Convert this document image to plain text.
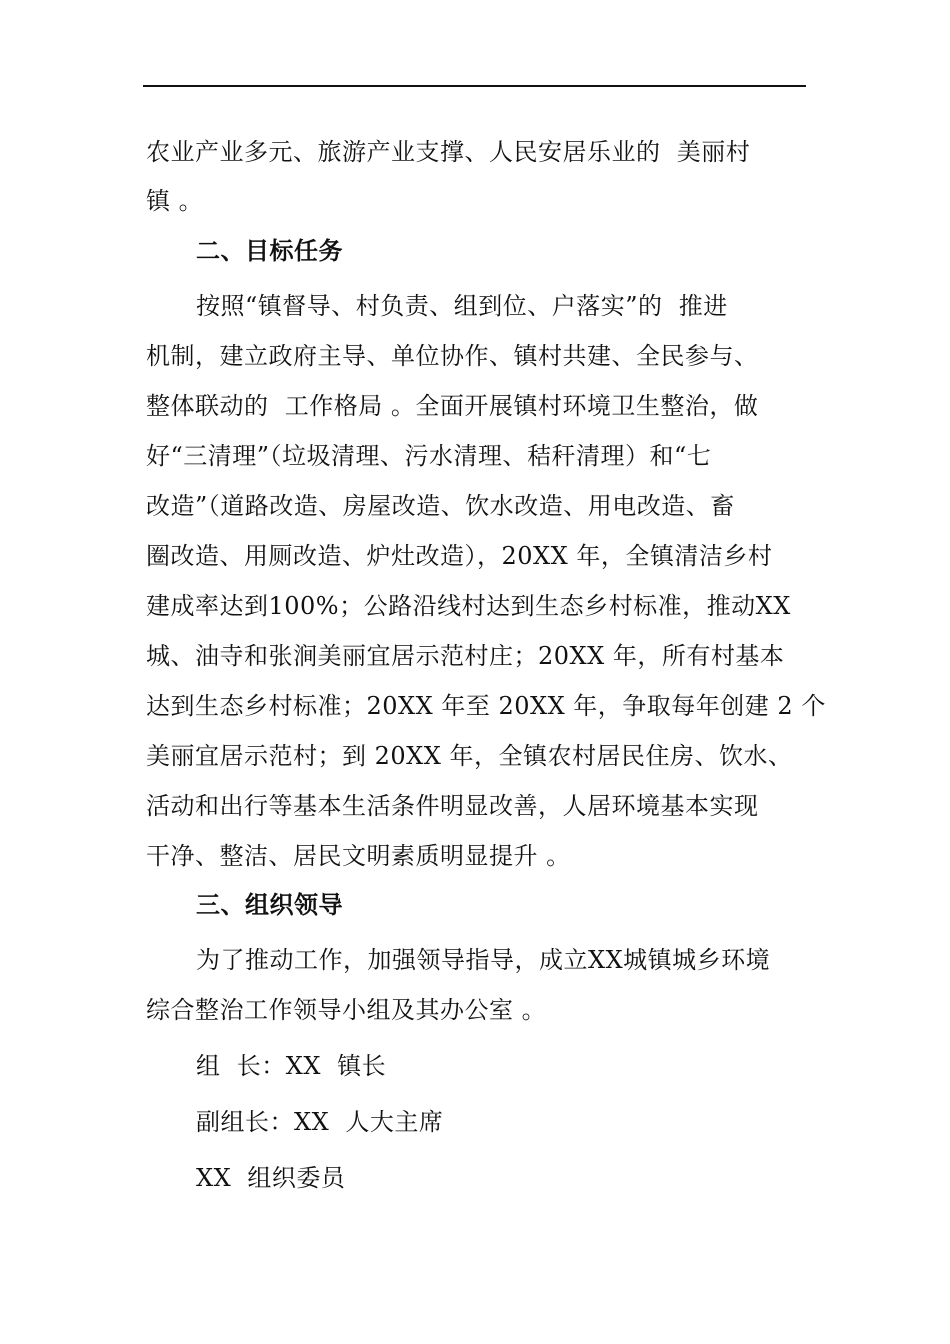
农业产业多元、旅游产业支撑、人民安居乐业的  美丽村
镇 。
二、目标任务
按照“镇督导、村负责、组到位、户落实”的  推进
机制，建立政府主导、单位协作、镇村共建、全民参与、
整体联动的  工作格局 。全面开展镇村环境卫生整治，做
好“三清理”（垃圾清理、污水清理、秸秆清理）和“七
改造”（道路改造、房屋改造、饮水改造、用电改造、畜
圈改造、用厕改造、炉灶改造），20XX 年，全镇清洁乡村
建成率达到100%；公路沿线村达到生态乡村标准，推动XX
城、油寺和张涧美丽宜居示范村庄；20XX 年，所有村基本
达到生态乡村标准；20XX 年至 20XX 年，争取每年创建 2 个
美丽宜居示范村；到 20XX 年，全镇农村居民住房、饮水、
活动和出行等基本生活条件明显改善，人居环境基本实现
干净、整洁、居民文明素质明显提升 。
三、组织领导
为了推动工作，加强领导指导，成立XX城镇城乡环境
综合整治工作领导小组及其办公室 。
组  长：XX  镇长
副组长：XX  人大主席
XX  组织委员
